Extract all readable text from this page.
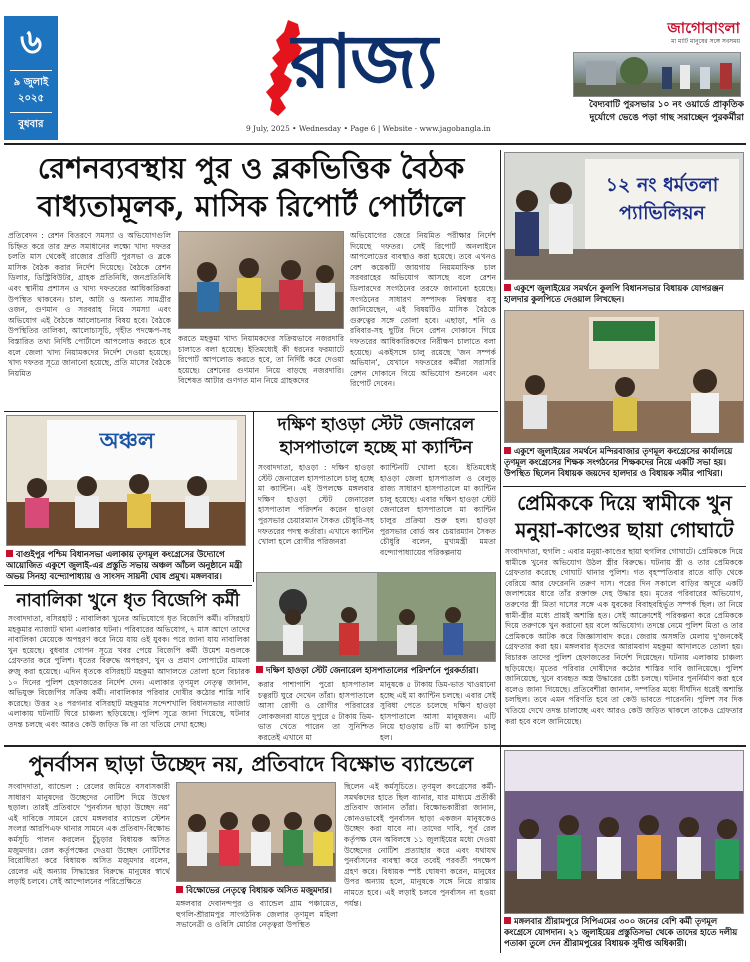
৬
৯ জুলাই
২০২৫
বুধবার
রাজ্য
9 July, 2025 • Wednesday • Page 6 | Website - www.jagobangla.in
জাগোবাংলা
মা মাটি মানুষের সঙ্গে সবসময়
বৈদ্যবাটি পুরসভার ১০ নং ওয়ার্ডে প্রাকৃতিক দুর্যোগে ভেঙে পড়া গাছ সরাচ্ছেন পুরকর্মীরা
রেশনব্যবস্থায় পুর ও ব্লকভিত্তিক বৈঠক
বাধ্যতামূলক, মাসিক রিপোর্ট পোর্টালে
প্রতিবেদন : রেশন বিতরণে সমস্যা ও অভিযোগগুলি চিহ্নিত করে তার দ্রুত সমাধানের লক্ষ্যে খাদ্য দফতর চলতি মাস থেকেই রাজ্যের প্রতিটি পুরসভা ও ব্লকে মাসিক বৈঠক করার নির্দেশ দিয়েছে। বৈঠকে রেশন ডিলার, ডিস্ট্রিবিউটর, গ্রাহক প্রতিনিধি, জনপ্রতিনিধি এবং স্থানীয় প্রশাসন ও খাদ্য দফতরের আধিকারিকরা উপস্থিত থাকবেন। চাল, আটা ও অন্যান্য সামগ্রীর ওজন, গুণমান ও সরবরাহ নিয়ে সমস্যা এবং অভিযোগ এই বৈঠকে আলোচনার বিষয় হবে। বৈঠকে উপস্থিতির তালিকা, আলোচ্যসূচি, গৃহীত পদক্ষেপ-সহ বিস্তারিত তথ্য নির্দিষ্ট পোর্টালে আপলোড করতে হবে বলে জেলা খাদ্য নিয়ামকদের নির্দেশ দেওয়া হয়েছে। খাদ্য দফতর সূত্রে জানানো হয়েছে, প্রতি মাসের বৈঠকে নিয়মিত
করতে মহকুমা খাদ্য নিয়ামকদের সক্রিয়ভাবে নজরদারি চালাতে বলা হয়েছে। ইতিমধ্যেই কী ধরনের ফরম্যাটে রিপোর্ট আপলোড করতে হবে, তা নির্দিষ্ট করে দেওয়া হয়েছে। রেশনের গুণমান নিয়ে বাড়ছে নজরদারি। বিশেষত আটার গুণগত মান নিয়ে গ্রাহকদের
অভিযোগের জেরে নিয়মিত পরীক্ষার নির্দেশ দিয়েছে দফতর। সেই রিপোর্ট অনলাইনে আপলোডের ব্যবস্থাও করা হয়েছে। তবে এখনও বেশ কয়েকটি জায়গায় নিয়মমাফিক চাল সরবরাহের অভিযোগ আসছে বলে রেশন ডিলারদের সংগঠনের তরফে জানানো হয়েছে। সংগঠনের সাধারণ সম্পাদক বিশ্বম্ভর বসু জানিয়েছেন, এই বিষয়টিও মাসিক বৈঠকে গুরুত্বের সঙ্গে তোলা হবে। এছাড়া, শনি ও রবিবার-সহ ছুটির দিনে রেশন দোকানে গিয়ে দফতরের আধিকারিকদের নিরীক্ষণ চালাতে বলা হয়েছে। একইসঙ্গে চালু রয়েছে 'জন সম্পর্ক অভিযান', যেখানে দফতরের কর্মীরা সরাসরি রেশন দোকানে গিয়ে অভিযোগ শুনবেন এবং রিপোর্ট দেবেন।
১২ নং ধর্মতলা প্যাভিলিয়ন
একুশে জুলাইয়ের সমর্থনে কুলপি বিধানসভার বিধায়ক যোগরঞ্জন হালদার কুলপিতে দেওয়াল লিখছেন।
একুশে জুলাইয়ের সমর্থনে মন্দিরবাজার তৃণমূল কংগ্রেসের কার্যালয়ে তৃণমূল কংগ্রেসের শিক্ষক সংগঠনের শিক্ষকদের নিয়ে একটি সভা হয়। উপস্থিত ছিলেন বিধায়ক জয়দেব হালদার ও বিধায়ক সমীর পাখিরা।
প্রেমিককে দিয়ে স্বামীকে খুন
মনুয়া-কাণ্ডের ছায়া গোঘাটে
সংবাদদাতা, হুগলি : এবার মনুয়া-কাণ্ডের ছায়া হুগলির গোঘাটে। প্রেমিককে দিয়ে স্বামীকে খুনের অভিযোগ উঠল স্ত্রীর বিরুদ্ধে। ঘটনায় স্ত্রী ও তার প্রেমিককে গ্রেফতার করেছে গোঘাট থানার পুলিশ। গত বৃহস্পতিবার রাতে বাড়ি থেকে বেরিয়ে আর ফেরেননি তরুণ দাস। পরের দিন সকালে বাড়ির অদূরে একটি জলাশয়ের ধারে তাঁর রক্তাক্ত দেহ উদ্ধার হয়। মৃতের পরিবারের অভিযোগ, তরুণের স্ত্রী মিতা দাসের সঙ্গে এক যুবকের বিবাহবহির্ভূত সম্পর্ক ছিল। তা নিয়ে স্বামী-স্ত্রীর মধ্যে প্রায়ই অশান্তি হত। সেই আক্রোশেই পরিকল্পনা করে প্রেমিককে দিয়ে তরুণকে খুন করানো হয় বলে অভিযোগ। তদন্তে নেমে পুলিশ মিতা ও তার প্রেমিককে আটক করে জিজ্ঞাসাবাদ করে। জেরায় অসঙ্গতি মেলায় দু'জনকেই গ্রেফতার করা হয়। মঙ্গলবার ধৃতদের আরামবাগ মহকুমা আদালতে তোলা হয়। বিচারক তাদের পুলিশ হেফাজতের নির্দেশ দিয়েছেন। ঘটনায় এলাকায় চাঞ্চল্য ছড়িয়েছে। মৃতের পরিবার দোষীদের কঠোর শাস্তির দাবি জানিয়েছে। পুলিশ জানিয়েছে, খুনে ব্যবহৃত অস্ত্র উদ্ধারের চেষ্টা চলছে। ঘটনার পুনর্নির্মাণ করা হবে বলেও জানা গিয়েছে। প্রতিবেশীরা জানান, দম্পতির মধ্যে দীর্ঘদিন ধরেই অশান্তি চলছিল। তবে এমন পরিণতি হবে তা কেউ ভাবতে পারেননি। পুলিশ সব দিক খতিয়ে দেখে তদন্ত চালাচ্ছে এবং আরও কেউ জড়িত থাকলে তাকেও গ্রেফতার করা হবে বলে জানিয়েছে।
অঞ্চল
বাগুইপুর পশ্চিম বিধানসভা এলাকায় তৃণমূল কংগ্রেসের উদ্যোগে আয়োজিত একুশে জুলাই-এর প্রস্তুতি সভায় অঞ্চল আঁচল অনুষ্ঠানে মন্ত্রী অভয় সিনহা বন্দ্যোপাধ্যায় ও সাংসদ সায়নী ঘোষ প্রমুখ। মঙ্গলবার।
দক্ষিণ হাওড়া স্টেট জেনারেল
হাসপাতালে হচ্ছে মা ক্যান্টিন
সংবাদদাতা, হাওড়া : দক্ষিণ হাওড়া স্টেট জেনারেল হাসপাতালে চালু হচ্ছে মা ক্যান্টিন। এই উপলক্ষে মঙ্গলবার দক্ষিণ হাওড়া স্টেট জেনারেল হাসপাতাল পরিদর্শন করেন হাওড়া পুরসভার চেয়ারম্যান সৈকত চৌধুরি-সহ দফতরের পদস্থ কর্তারা। এখানে ক্যান্টিন খোলা হলে রোগীর পরিজনরা
ক্যান্টিনটি খোলা হবে। ইতিমধ্যেই হাওড়া জেলা হাসপাতাল ও বেলুড় রাজ্য সাধারণ হাসপাতালে মা ক্যান্টিন চালু হয়েছে। এবার দক্ষিণ হাওড়া স্টেট জেনারেল হাসপাতালে মা ক্যান্টিন চালুর প্রক্রিয়া শুরু হল। হাওড়া পুরসভার বোর্ড অব চেয়ারম্যান সৈকত চৌধুরি বলেন, মুখ্যমন্ত্রী মমতা বন্দ্যোপাধ্যায়ের পরিকল্পনায়
নাবালিকা খুনে ধৃত বিজেপি কর্মী
সংবাদদাতা, বসিরহাট : নাবালিকা খুনের অভিযোগে ধৃত বিজেপি কর্মী। বসিরহাট মহকুমার ন্যাজাট থানা এলাকার ঘটনা। পরিবারের অভিযোগ, ৭ মাস আগে তাদের নাবালিকা মেয়েকে অপহরণ করে নিয়ে যায় ওই যুবক। পরে জানা যায় নাবালিকা খুন হয়েছে। বুধবার গোপন সূত্রে খবর পেয়ে বিজেপি কর্মী উমেশ মণ্ডলকে গ্রেফতার করে পুলিশ। ধৃতের বিরুদ্ধে অপহরণ, খুন ও প্রমাণ লোপাটের মামলা রুজু করা হয়েছে। এদিন ধৃতকে বসিরহাট মহকুমা আদালতে তোলা হলে বিচারক ১০ দিনের পুলিশ হেফাজতের নির্দেশ দেন। এলাকার তৃণমূল নেতৃত্ব জানান, অভিযুক্ত বিজেপির সক্রিয় কর্মী। নাবালিকার পরিবার দোষীর কঠোর শাস্তি দাবি করেছে। উত্তর ২৪ পরগনার বসিরহাট মহকুমার সন্দেশখালি বিধানসভার ন্যাজাট এলাকায় ঘটনাটি ঘিরে চাঞ্চল্য ছড়িয়েছে। পুলিশ সূত্রে জানা গিয়েছে, ঘটনার তদন্ত চলছে এবং আরও কেউ জড়িত কি না তা খতিয়ে দেখা হচ্ছে।
দক্ষিণ হাওড়া স্টেট জেনারেল হাসপাতালের পরিদর্শনে পুরকর্তারা।
করার পাশাপাশি পুরো হাসপাতাল চত্বরটি ঘুরে দেখেন তাঁরা। হাসপাতালে আসা রোগী ও রোগীর পরিবারের লোকজনরা যাতে দুপুরে ৫ টাকায় ডিম-ভাত খেতে পারেন তা সুনিশ্চিত করতেই এখানে মা
মানুষকে ৫ টাকায় ডিম-ভাত খাওয়ানো হচ্ছে এই মা ক্যান্টিন চলছে। এবার সেই সুবিধা পেতে চলেছে দক্ষিণ হাওড়া হাসপাতালে আসা মানুষজন। এটি নিয়ে হাওড়ায় ৪টি মা ক্যান্টিন চালু হল।
পুনর্বাসন ছাড়া উচ্ছেদ নয়, প্রতিবাদে বিক্ষোভ ব্যান্ডেলে
সংবাদদাতা, ব্যান্ডেল : রেলের জমিতে বসবাসকারী সাধারণ মানুষদের উচ্ছেদের নোটিশ দিয়ে উদ্বেগ ছড়াল। তারই প্রতিবাদে 'পুনর্বাসন ছাড়া উচ্ছেদ নয়' এই দাবিকে সামনে রেখে মঙ্গলবার ব্যান্ডেল স্টেশন সংলগ্ন আরপিএফ থানার সামনে এক প্রতিবাদ-বিক্ষোভ কর্মসূচি পালন করলেন চুঁচুড়ার বিধায়ক অসিত মজুমদার। রেল কর্তৃপক্ষের দেওয়া উচ্ছেদ নোটিশের বিরোধিতা করে বিধায়ক অসিত মজুমদার বলেন, রেলের এই অন্যায় সিদ্ধান্তের বিরুদ্ধে মানুষের স্বার্থে লড়াই চলবে। সেই আন্দোলনের পরিপ্রেক্ষিতে
বিক্ষোভের নেতৃত্বে বিধায়ক অসিত মজুমদার।
মঙ্গলবার দেবানন্দপুর ও ব্যান্ডেল গ্রাম পঞ্চায়েত, হুগলি-শ্রীরামপুর সাংগঠনিক জেলার তৃণমূল মহিলা সভানেত্রী ও ওবিসি মোর্চার নেতৃত্বরা উপস্থিত
ছিলেন এই কর্মসূচিতে। তৃণমূল কংগ্রেসের কর্মী-সমর্থকদের হাতে ছিল ব্যানার, যার মাধ্যমে প্রতীকী প্রতিবাদ জানান তাঁরা। বিক্ষোভকারীরা জানান, কোনওভাবেই পুনর্বাসন ছাড়া একজন মানুষকেও উচ্ছেদ করা যাবে না। তাদের দাবি, পূর্ব রেল কর্তৃপক্ষ যেন অবিলম্বে ১১ জুলাইয়ের মধ্যে দেওয়া উচ্ছেদের নোটিশ প্রত্যাহার করে এবং যথাযথ পুনর্বাসনের ব্যবস্থা করে তবেই পরবর্তী পদক্ষেপ গ্রহণ করে। বিধায়ক স্পষ্ট ঘোষণা করেন, মানুষের উপর অন্যায় হলে, মানুষকে সঙ্গে নিয়ে রাস্তায় নামতে হবে। এই লড়াই চলবে পুনর্বাসন না হওয়া পর্যন্ত।
মঙ্গলবার শ্রীরামপুরে সিপিএমের ৩০০ জনের বেশি কর্মী তৃণমূল কংগ্রেসে যোগদান। ২১ জুলাইয়ের প্রস্তুতিসভা থেকে তাদের হাতে দলীয় পতাকা তুলে দেন শ্রীরামপুরের বিধায়ক সুদীপ্ত অধিকারী।
